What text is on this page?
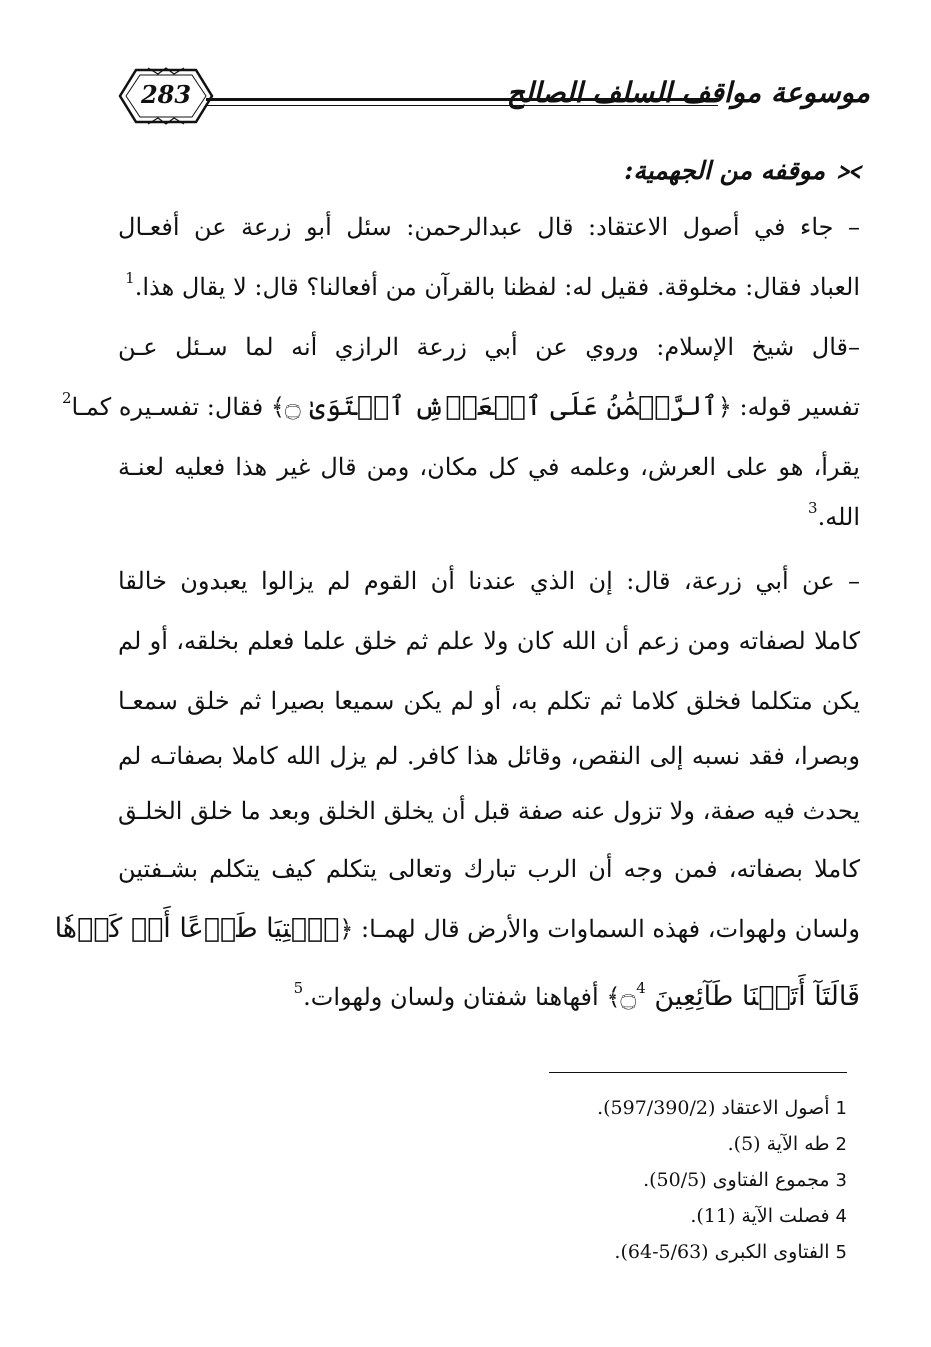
283	موسوعة مواقف السلف الصالح
⪥
موقفه من الجهمية:
– جاء في أصول الاعتقاد: قال عبدالرحمن: سئل أبو زرعة عن أفعـال
العباد فقال: مخلوقة. فقيل له: لفظنا بالقرآن من أفعالنا؟ قال: لا يقال هذا.$^1$
–قال شيخ الإسلام: وروي عن أبي زرعة الرازي أنه لما سـئل عـن
تفسير قوله: ﴿ٱلرَّحۡمَٰنُ عَلَى ٱلۡعَرۡشِ ٱسۡتَوَىٰ ۝﴾ فقال: تفسـيره كمـا$^2$
يقرأ، هو على العرش، وعلمه في كل مكان، ومن قال غير هذا فعليه لعنـة
الله.$^3$
– عن أبي زرعة، قال: إن الذي عندنا أن القوم لم يزالوا يعبدون خالقا
كاملا لصفاته ومن زعم أن الله كان ولا علم ثم خلق علما فعلم بخلقه، أو لم
يكن متكلما فخلق كلاما ثم تكلم به، أو لم يكن سميعا بصيرا ثم خلق سمعـا
وبصرا، فقد نسبه إلى النقص، وقائل هذا كافر. لم يزل الله كاملا بصفاتـه لم
يحدث فيه صفة، ولا تزول عنه صفة قبل أن يخلق الخلق وبعد ما خلق الخلـق
كاملا بصفاته، فمن وجه أن الرب تبارك وتعالى يتكلم كيف يتكلم بشـفتين
ولسان ولهوات، فهذه السماوات والأرض قال لهمـا: ﴿ٱئۡتِيَا طَوۡعًا أَوۡ كَرۡهٗا
قَالَتَآ أَتَيۡنَا طَآئِعِينَ ۝$^4$﴾ أفهاهنا شفتان ولسان ولهوات.$^5$
1أصول الاعتقاد (597/390/2).
2طه الآية (5).
3مجموع الفتاوى (50/5).
4فصلت الآية (11).
5الفتاوى الكبرى (5/63-64).
